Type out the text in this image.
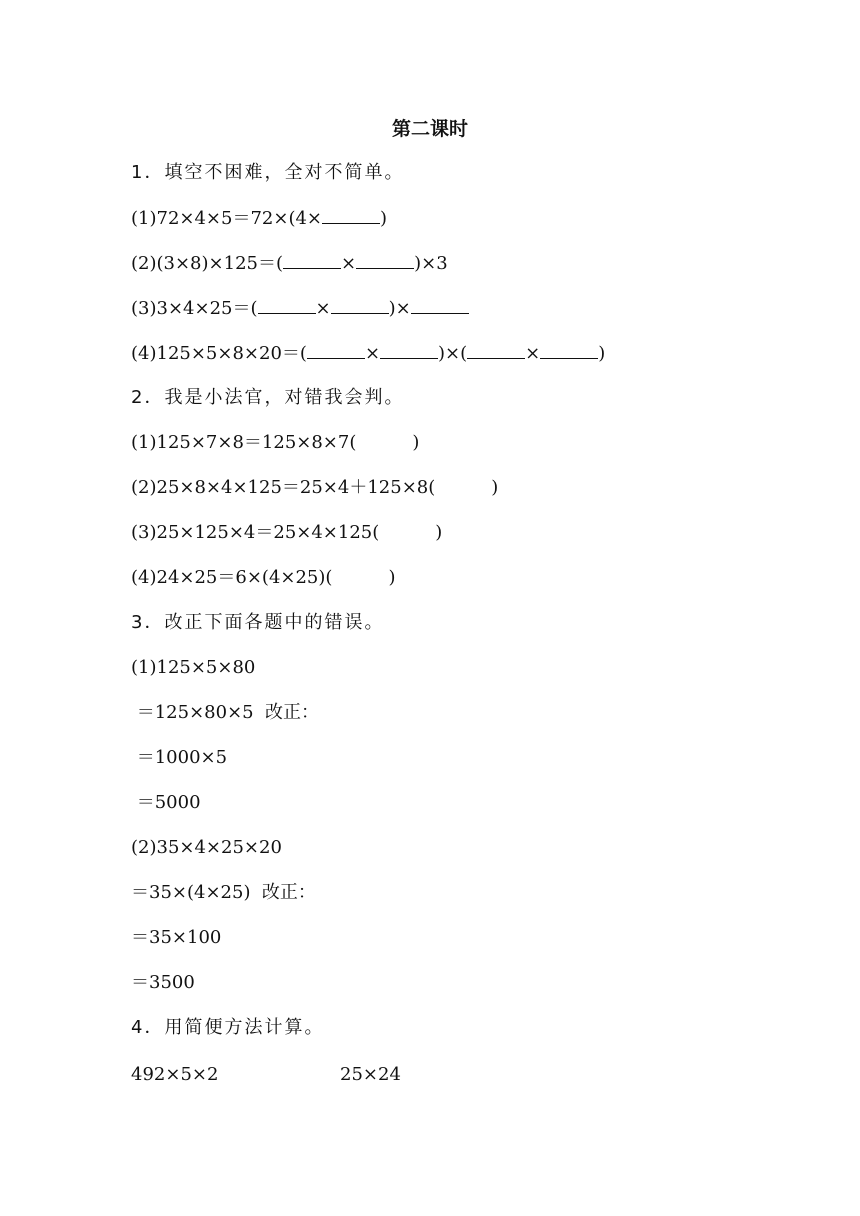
第二课时
1．填空不困难，全对不简单。
(1)72×4×5＝72×(4×	)
(2)(3×8)×125＝(	×	)×3
(3)3×4×25＝(	×	)×
(4)125×5×8×20＝(	×	)×(	×	)
2．我是小法官，对错我会判。
(1)125×7×8＝125×8×7(	)
(2)25×8×4×125＝25×4＋125×8(	)
(3)25×125×4＝25×4×125(	)
(4)24×25＝6×(4×25)(	)
3．改正下面各题中的错误。
(1)125×5×80
＝125×80×5  改正：
＝1000×5
＝5000
(2)35×4×25×20
＝35×(4×25)  改正：
＝35×100
＝3500
4．用简便方法计算。
492×5×2	25×24
